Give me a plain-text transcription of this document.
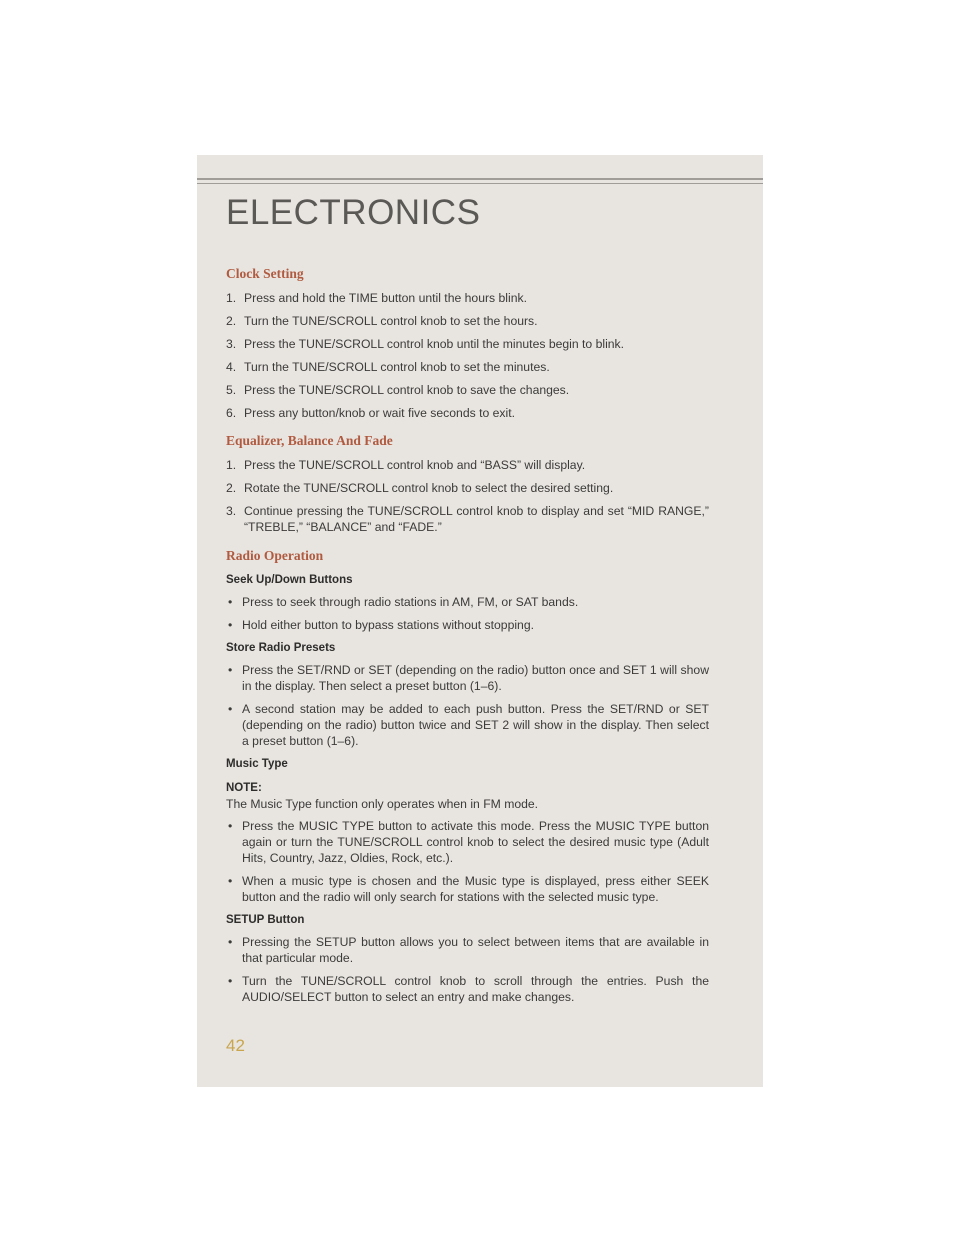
ELECTRONICS
Clock Setting
1. Press and hold the TIME button until the hours blink.
2. Turn the TUNE/SCROLL control knob to set the hours.
3. Press the TUNE/SCROLL control knob until the minutes begin to blink.
4. Turn the TUNE/SCROLL control knob to set the minutes.
5. Press the TUNE/SCROLL control knob to save the changes.
6. Press any button/knob or wait five seconds to exit.
Equalizer, Balance And Fade
1. Press the TUNE/SCROLL control knob and “BASS” will display.
2. Rotate the TUNE/SCROLL control knob to select the desired setting.
3. Continue pressing the TUNE/SCROLL control knob to display and set “MID RANGE,” “TREBLE,” “BALANCE” and “FADE.”
Radio Operation
Seek Up/Down Buttons
• Press to seek through radio stations in AM, FM, or SAT bands.
• Hold either button to bypass stations without stopping.
Store Radio Presets
• Press the SET/RND or SET (depending on the radio) button once and SET 1 will show in the display. Then select a preset button (1–6).
• A second station may be added to each push button. Press the SET/RND or SET (depending on the radio) button twice and SET 2 will show in the display. Then select a preset button (1–6).
Music Type
NOTE:
The Music Type function only operates when in FM mode.
• Press the MUSIC TYPE button to activate this mode. Press the MUSIC TYPE button again or turn the TUNE/SCROLL control knob to select the desired music type (Adult Hits, Country, Jazz, Oldies, Rock, etc.).
• When a music type is chosen and the Music type is displayed, press either SEEK button and the radio will only search for stations with the selected music type.
SETUP Button
• Pressing the SETUP button allows you to select between items that are available in that particular mode.
• Turn the TUNE/SCROLL control knob to scroll through the entries. Push the AUDIO/SELECT button to select an entry and make changes.
42
